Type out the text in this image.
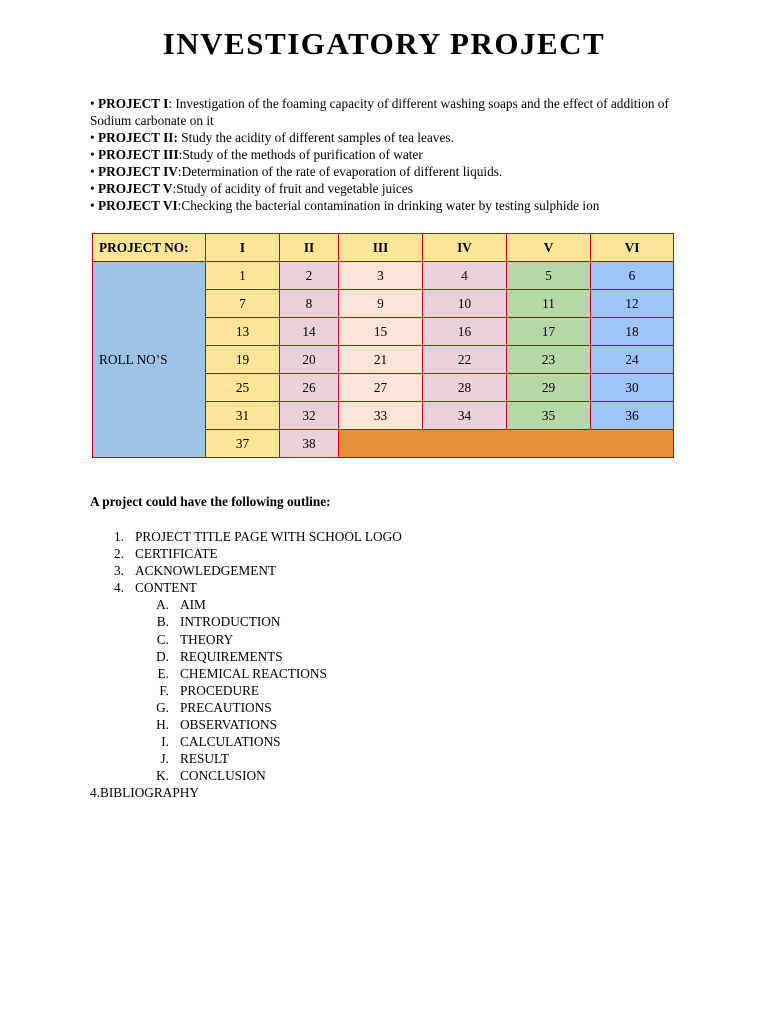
INVESTIGATORY PROJECT

• PROJECT I: Investigation of the foaming capacity of different washing soaps and the effect of addition of Sodium carbonate on it

• PROJECT II: Study the acidity of different samples of tea leaves.

• PROJECT III:Study of the methods of purification of water

• PROJECT IV:Determination of the rate of evaporation of different liquids.

• PROJECT V:Study of acidity of fruit and vegetable juices

• PROJECT VI:Checking the bacterial contamination in drinking water by testing sulphide ion

PROJECT NO:	I	II	III	IV	V	VI
ROLL NO’S	1	2	3	4	5	6
	7	8	9	10	11	12
	13	14	15	16	17	18
	19	20	21	22	23	24
	25	26	27	28	29	30
	31	32	33	34	35	36
	37	38				
A project could have the following outline:
1. PROJECT TITLE PAGE WITH SCHOOL LOGO
2. CERTIFICATE
3. ACKNOWLEDGEMENT
4. CONTENT
A. AIM
B. INTRODUCTION
C. THEORY
D. REQUIREMENTS
E. CHEMICAL REACTIONS
F. PROCEDURE
G. PRECAUTIONS
H. OBSERVATIONS
I. CALCULATIONS
J. RESULT
K. CONCLUSION
4.BIBLIOGRAPHY
